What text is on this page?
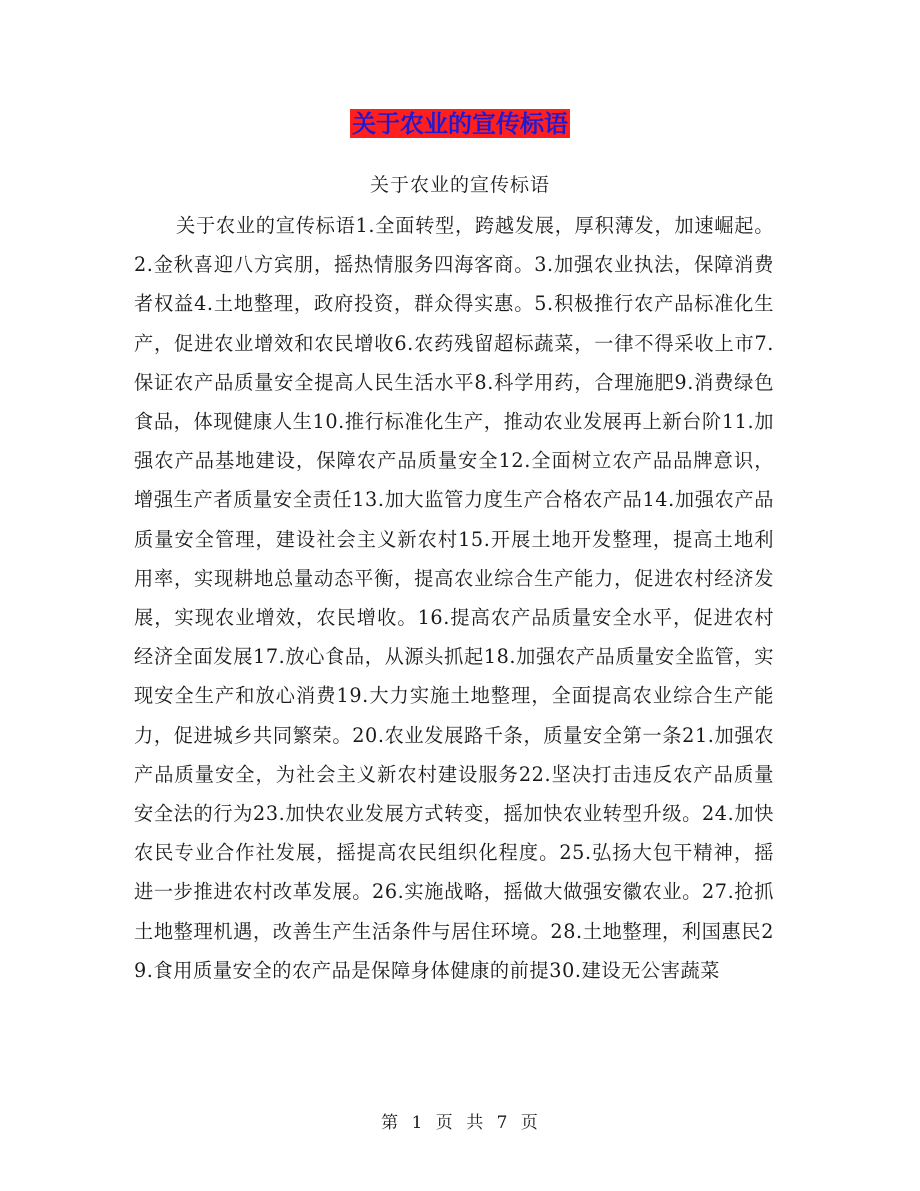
关于农业的宣传标语
关于农业的宣传标语

关于农业的宣传标语1.全面转型，跨越发展，厚积薄发，加速崛起。2.金秋喜迎八方宾朋，摇热情服务四海客商。3.加强农业执法，保障消费者权益4.土地整理，政府投资，群众得实惠。5.积极推行农产品标准化生产，促进农业增效和农民增收6.农药残留超标蔬菜，一律不得采收上市7.保证农产品质量安全提高人民生活水平8.科学用药，合理施肥9.消费绿色食品，体现健康人生10.推行标准化生产，推动农业发展再上新台阶11.加强农产品基地建设，保障农产品质量安全12.全面树立农产品品牌意识，增强生产者质量安全责任13.加大监管力度生产合格农产品14.加强农产品质量安全管理，建设社会主义新农村15.开展土地开发整理，提高土地利用率，实现耕地总量动态平衡，提高农业综合生产能力，促进农村经济发展，实现农业增效，农民增收。16.提高农产品质量安全水平，促进农村经济全面发展17.放心食品，从源头抓起18.加强农产品质量安全监管，实现安全生产和放心消费19.大力实施土地整理，全面提高农业综合生产能力，促进城乡共同繁荣。20.农业发展路千条，质量安全第一条21.加强农产品质量安全，为社会主义新农村建设服务22.坚决打击违反农产品质量安全法的行为23.加快农业发展方式转变，摇加快农业转型升级。24.加快农民专业合作社发展，摇提高农民组织化程度。25.弘扬大包干精神，摇进一步推进农村改革发展。26.实施战略，摇做大做强安徽农业。27.抢抓土地整理机遇，改善生产生活条件与居住环境。28.土地整理，利国惠民29.食用质量安全的农产品是保障身体健康的前提30.建设无公害蔬菜

第 1 页 共 7 页
